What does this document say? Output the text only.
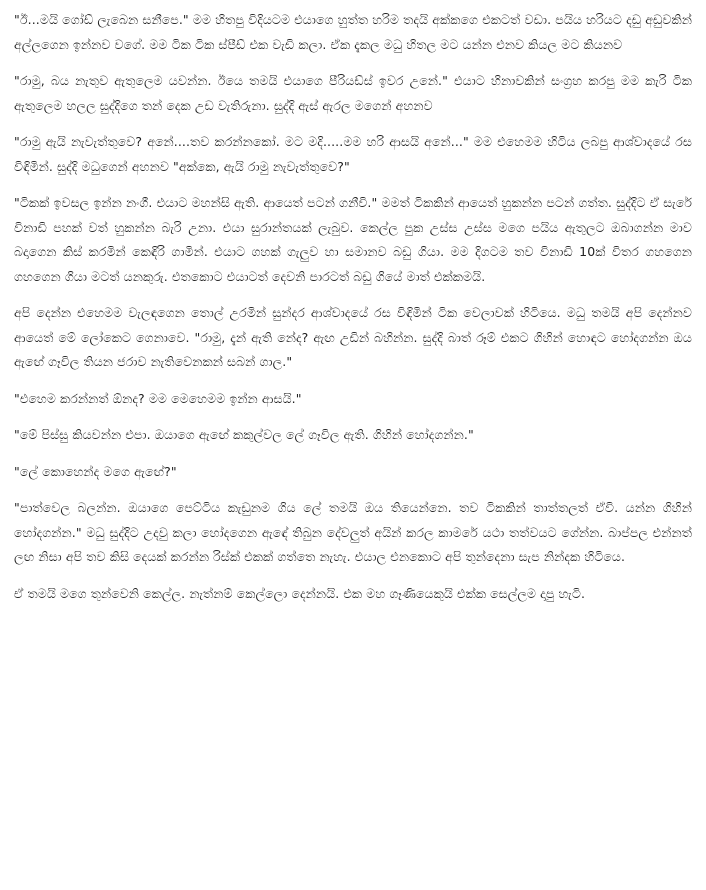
"ඊ...මයි ගෝඩ් ලැබෙන සනීපෙ." මම හිතපු විදියටම එයාගෙ හුත්ත හරිම තදයි අක්කගෙ එකටත් වඩා. පයිය හරියට දඩු අඩුවකින් අල්ලගෙන ඉන්නව වගේ. මම ටික ටික ස්පීඩ් එක වැඩි කලා. ඒක දැකල මධු හිතල මට යන්න එනව කියල මට කියනව

"රාමු, බය නැතුව ඇතුලෙම යවන්න. ඊයෙ තමයි එයාගෙ පීරියඩ්ස් ඉවර උනේ." එයාට හිනාවකින් සංග්‍රහ කරපු මම කැරි ටික ඇතුලෙම හලල සුද්දිගෙ තන් දෙක උඩ වැතිරුනා. සුද්දි ඇස් ඇරල මගෙන් අහනව

"රාමු ඇයි නැවැත්තුවෙ? අනේ....තව කරන්නකෝ. මට මදි.....මම හරි ආසයි අනේ..." මම එහෙමම හිටිය ලබපු ආශ්වාදයේ රස විඳිමින්. සුද්දි මධුගෙන් අහනව "අක්කෙ, ඇයි රාමු නැවැත්තුවෙ?"

"ටිකක් ඉවසල ඉන්න නංගී. එයාට මහන්සි ඇති. ආයෙත් පටන් ගනීවි." මමත් ටිකකින් ආයෙත් හුකන්න පටන් ගත්ත. සුද්දිට ඒ සැරේ විනාඩි පහක් වත් හුකන්න බැරි උනා. එයා සුරාන්තයක් ලැබුව. කෙල්ල පුක උස්ස උස්ස මගෙ පයිය ඇතුලට ඔබාගන්න මාව බදාගෙන කිස් කරමින් කෙඳිරි ගාමින්. එයාට ගහක් ගැලුව හා සමානව බඩු ගියා. මම දිගටම තව විනාඩි 10ක් විතර ගහගෙන ගහගෙන ගියා මටත් යනකුරු. එතකොට එයාටත් දෙවනි පාරටත් බඩු ගියේ මාත් එක්කමයි.

අපි දෙන්න එහෙමම වැලඳගෙන තොල් උරමින් සුන්දර ආශ්වාදයේ රස විඳිමින් ටික වෙලාවක් හිටියෙ. මධු තමයි අපි දෙන්නව ආයෙත් මේ ලෝකෙට ගෙනාවෙ. "රාමු, දැන් ඇති නේද? ඇඟ උඩින් බහින්න. සුද්දි බාත් රූම් එකට ගිහින් හොඳට හෝදගන්න ඔය ඇඟේ ගෑවිල තියන ජරාව නැතිවෙනකන් සබන් ගාල."

"එහෙම කරන්නත් ඕනද? මම මෙහෙමම ඉන්න ආසයි."

"මේ පිස්සු කියවන්න එපා. ඔයාගෙ ඇඟේ කකුල්වල ලේ ගෑවිල ඇති. ගිහින් හෝදගන්න."

"ලේ කොහෙන්ද මගෙ ඇඟේ?"

"පාත්වෙල බලන්න. ඔයාගෙ පෙට්ටිය කැඩුනම ගිය ලේ තමයි ඔය තියෙන්නෙ. තව ටිකකින් තාත්තලත් ඒවි. යන්න ගිහින් හෝදගන්න." මධු සුද්දිට උදවු කලා හෝදගෙන ඇඳේ තිබුන දේවලුත් අයින් කරල කාමරේ යථා තත්වයට ගේන්න. බාප්පල එන්නත් ලඟ නිසා අපි තව කිසි දෙයක් කරන්න රිස්ක් එකක් ගත්තෙ නැහැ. එයාල එනකොට අපි තුන්දෙනා සැප නින්දක හිටියෙ.

ඒ තමයි මගෙ තුන්වෙනි කෙල්ල. නැත්නම් කෙල්ලො දෙන්නයි. එක මහ ගෑණියෙකුයි එක්ක සෙල්ලම දාපු හැටි.
